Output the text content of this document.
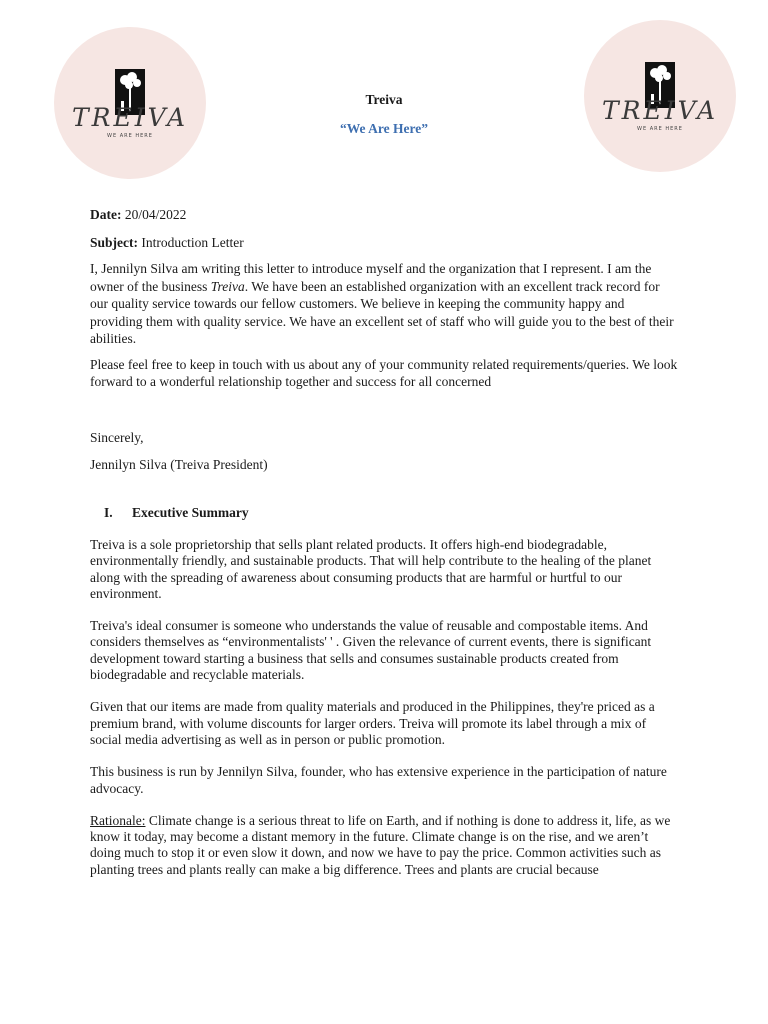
TREIVA
WE ARE HERE
TREIVA
WE ARE HERE
Treiva
“We Are Here”

Date: 20/04/2022

Subject: Introduction Letter

I, Jennilyn Silva am writing this letter to introduce myself and the organization that I represent. I am the owner of the business Treiva. We have been an established organization with an excellent track record for our quality service towards our fellow customers. We believe in keeping the community happy and providing them with quality service. We have an excellent set of staff who will guide you to the best of their abilities.

Please feel free to keep in touch with us about any of your community related requirements/queries. We look forward to a wonderful relationship together and success for all concerned

Sincerely,

Jennilyn Silva (Treiva President)

I. Executive Summary

Treiva is a sole proprietorship that sells plant related products. It offers high-end biodegradable, environmentally friendly, and sustainable products. That will help contribute to the healing of the planet along with the spreading of awareness about consuming products that are harmful or hurtful to our environment.

Treiva's ideal consumer is someone who understands the value of reusable and compostable items. And considers themselves as “environmentalists' ' . Given the relevance of current events, there is significant development toward starting a business that sells and consumes sustainable products created from biodegradable and recyclable materials.

Given that our items are made from quality materials and produced in the Philippines, they're priced as a premium brand, with volume discounts for larger orders. Treiva will promote its label through a mix of social media advertising as well as in person or public promotion.

This business is run by Jennilyn Silva, founder, who has extensive experience in the participation of nature advocacy.

Rationale: Climate change is a serious threat to life on Earth, and if nothing is done to address it, life, as we know it today, may become a distant memory in the future. Climate change is on the rise, and we aren’t doing much to stop it or even slow it down, and now we have to pay the price. Common activities such as planting trees and plants really can make a big difference. Trees and plants are crucial because
